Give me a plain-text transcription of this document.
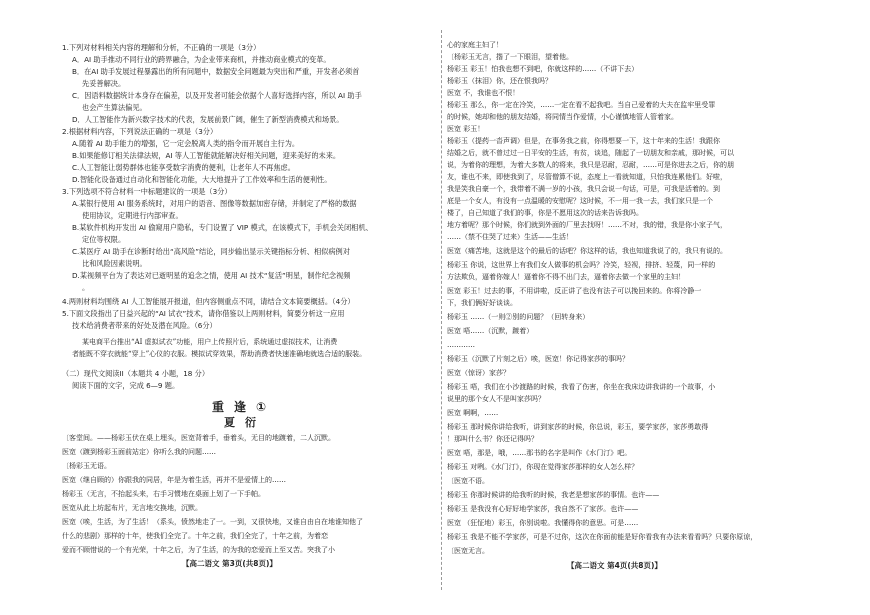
1.下列对材料相关内容的理解和分析，不正确的一项是（3分）
A．AI 助手推动不同行业的跨界融合，为企业带来商机，并推动商业模式的变革。
B．在AI 助手发展过程暴露出的所有问题中，数据安全问题最为突出和严重，开发者必须首
先妥善解决。
C．因语料数据统计本身存在偏差，以及开发者可能会依据个人喜好选择内容，所以 AI 助手
也会产生算法偏见。
D．人工智能作为新兴数字技术的代表，发展前景广阔，催生了新型消费模式和场景。
2.根据材料内容，下列说法正确的一项是（3分）
A.随着 AI 助手能力的增强，它一定会脱离人类的指令而开展自主行为。
B.如果能修订相关法律法规，AI 等人工智能就能解决好相关问题，迎来美好的未来。
C.人工智能让弱势群体也能享受数字消费的便利，让老年人不再焦虑。
D.智能化设备通过自动化和智能化功能，大大地提升了工作效率和生活的便利性。
3.下列选项不符合材料一中标题建议的一项是（3分）
A.某银行使用 AI 服务系统时，对用户的语音、图像等数据加密存储，并制定了严格的数据
使用协议，定期进行内部审查。
B.某软件机构开发出 AI 偷窥用户隐私，专门设置了 VIP 模式，在该模式下，手机会关闭相机、
定位等权限。
C.某医疗 AI 助手在诊断时给出“高风险”结论，同步输出显示关键指标分析、相似病例对
比和风险因素说明。
D.某视频平台为了表达对已逝明星的追念之情，使用 AI 技术“复活”明星，制作纪念视频
。
4.两则材料均围绕 AI 人工智能展开报道，但内容侧重点不同，请结合文本简要概括。（4分）
5.下面文段指出了日益兴起的“AI 试衣”技术，请你借鉴以上两则材料，简要分析这一应用
技术给消费者带来的好处及潜在风险。（6分）
某电商平台推出“AI 虚拟试衣”功能，用户上传照片后，系统通过虚拟技术，让消费
者能既不穿衣就能“穿上”心仪的衣服。模拟试穿效果，帮助消费者快速准确地就选合适的服装。
（二）现代文阅读II（本题共 4 小题，18 分）
阅读下面的文字，完成 6—9 题。
重逢①
夏衍
〔客堂间。——杨彩玉伏在桌上埋头，医宽背着手，垂着头，无目的地踱着，二人沉默。
医宽（踱到杨彩玉面前站定）你听么我的问题……
〔杨彩玉无语。
医宽（继自顾的）你跟我的同居，年是为着生活，再并不是爱情上的……
杨彩玉（无言，不抬起头来，右手习惯地在桌面上划了一下手帕。
医宽从此上坊起布片，无言地交换地，沉默。
医宽（唉，生活，为了生活！（系头，愤然地走了一。一到，又很快地，又谁自由自在地谁知他了
什么的悲剧）那样的十年，使我们全完了。十年之前，我们全完了，十年之前，为着恋
爱而不顾惜说的一个有光荣，十年之后，为了生活，的为我的恋爱而上至又苦。突我了小
【高二语文 第3页(共8页)】
心的家庭主妇了！
〔杨彩玉无言，揩了一下眼泪，望着他。
杨彩玉 彩玉！怕我也想不到吧，你就这样的……（不讲下去）
杨彩玉（抹泪）你，还在恨我吗？
医宽 不，我谁也不恨！
杨彩玉 那么，你一定在冷笑，……一定在看不起我吧。当自己爱着的大夫在监牢里受罪
的时候，她却和他的朋友结婚，将同情当作爱情，小心谨慎地管人管着家。
医宽 彩玉！
杨彩玉（提药一沓声调）但是，在事务我之前，你得想要一下，这十年来的生活！我跟你
结婚之后，就不曾过过一日平安的生活，有贫，谈追，随起了一切朋友和亲戚，那时候，可以
说，为着你的理想，为着大多数人的将来，我只是忍耐，忍耐，……可是你进去之后，你的朋
友，谁也不来，即使我到了，尽管僧算不说，态度上一看就知道，只怕我连累他们。好啦，
我是笑我自豪一个，我带着不满一岁的小孩，我只会说一句话，可是，可我是活着的。到
底是一个女人，有没有一点温暖的安慰呢？这时候，不一用一我一去，我们家只是一个
楼了，自己知道了我们的事，你是不愿用这次的话来告诉我吗。
地方着呢？那个时候，你们就到外面的厂里去找呀！……不对，我的错，我是你小家子气，
……（禁不住哭了过来）生活——生活！
医宽（痛苦地，这就是这个的最后的话吧？你这样的话，我也知道我说了的，我只有说的。
杨彩玉 你说，这世界上有我们女人做事的机会吗？冷笑，轻视，排挤、轻蔑，同一样的
方法欺负，逼着你嫁人！逼着你不得不出门去，逼着你去做一个家里的主妇！
医宽 彩玉！过去的事，不用讲啦，反正讲了也没有法子可以挽回来的。你将冷静一
下，我们俩好好谈谈。
杨彩玉 ……（一则②别的问题？（回转身来）
医宽 唔……（沉默，踱着）
…………
杨彩玉（沉默了片刻之后）唉，医宽！你记得家莎的事吗？
医宽（惊讶）家莎？
杨彩玉 唔，我们在小沙渡路的时候，我看了伤害，你坐在我床边讲我讲的一个故事，小
说里的那个女人不是叫家莎吗？
医宽 啊啊，……
杨彩玉 那时候你讲给我听，讲到家莎的时候，你总说，彩玉，要学家莎，家莎勇敢得
！那叫什么书？你还记得吗？
医宽 唔，那是，哦，……那书的名字是叫作《水门汀》吧。
杨彩玉 对咧。《水门汀》，你现在觉得家莎那样的女人怎么样？
〔医宽不语。
杨彩玉 你那时候讲的给我听的时候，我老是想家莎的事情。也许——
杨彩玉 是我没有心好好地学家莎，我自然不了家莎。也许——
医宽 （狂怔地）彩玉，你别说啦。我懂得你的意思。可是……
杨彩玉 我是不能不学家莎，可是不过你，这次在你面前能是好你看我有办法来看看吗？只要你原谅，
〔医宽无言。
【高二语文 第4页(共8页)】
